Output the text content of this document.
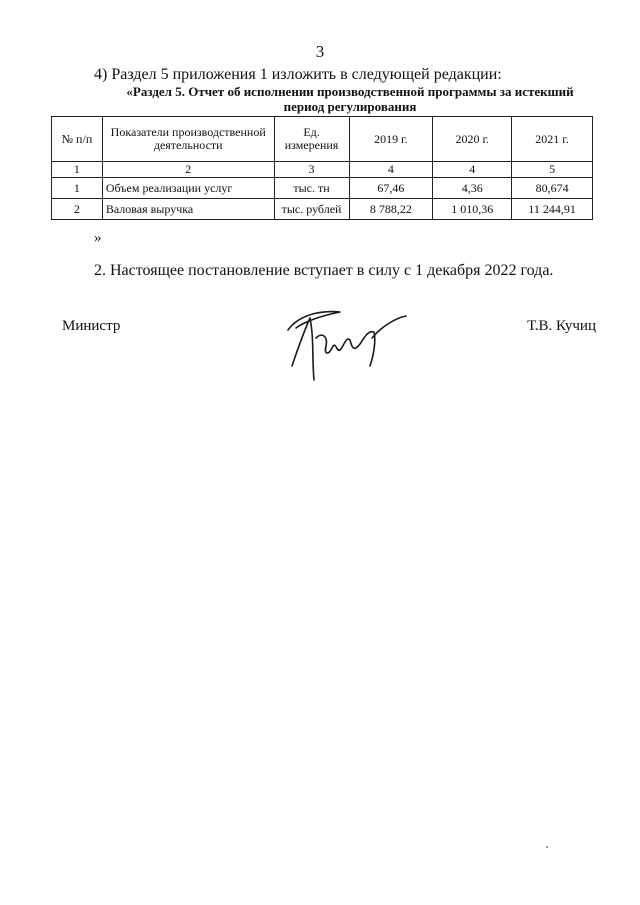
3
4) Раздел 5 приложения 1 изложить в следующей редакции:
«Раздел 5. Отчет об исполнении производственной программы за истекший период регулирования
№ п/п	Показатели производственной деятельности	Ед. измерения	2019 г.	2020 г.	2021 г.
1	2	3	4	4	5
1	Объем реализации услуг	тыс. тн	67,46	4,36	80,674
2	Валовая выручка	тыс. рублей	8 788,22	1 010,36	11 244,91
»
2. Настоящее постановление вступает в силу с 1 декабря 2022 года.
Министр	Т.В. Кучиц
